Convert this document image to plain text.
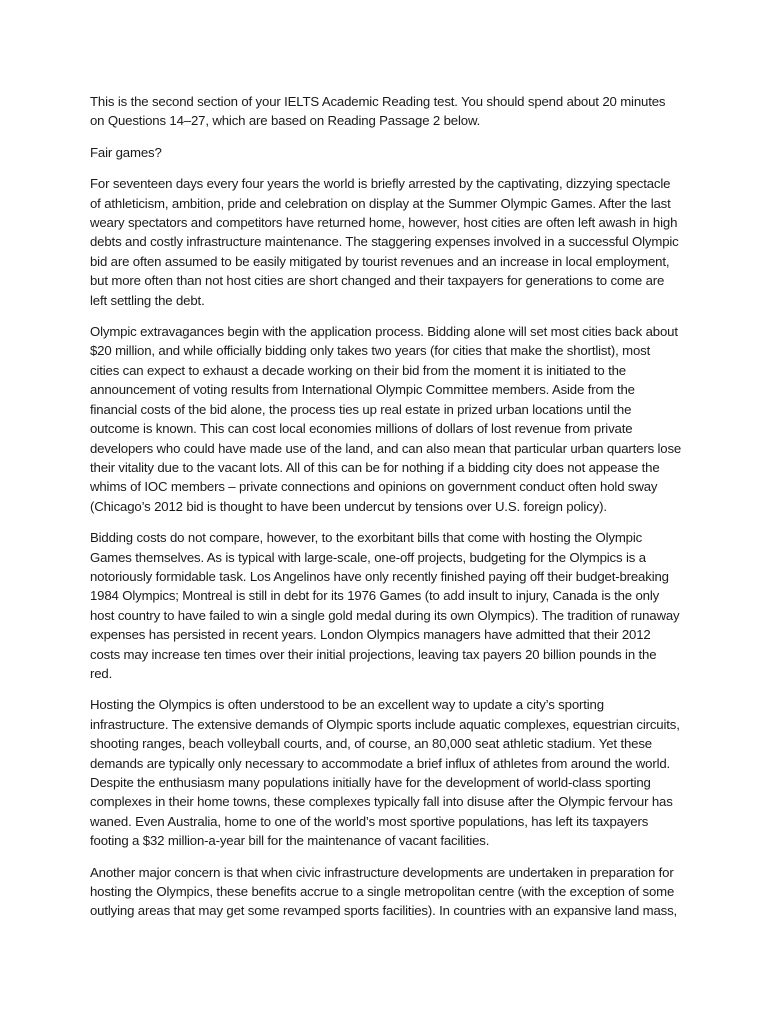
This is the second section of your IELTS Academic Reading test. You should spend about 20 minutes on Questions 14–27, which are based on Reading Passage 2 below.

Fair games?

For seventeen days every four years the world is briefly arrested by the captivating, dizzying spectacle of athleticism, ambition, pride and celebration on display at the Summer Olympic Games. After the last weary spectators and competitors have returned home, however, host cities are often left awash in high debts and costly infrastructure maintenance. The staggering expenses involved in a successful Olympic bid are often assumed to be easily mitigated by tourist revenues and an increase in local employment, but more often than not host cities are short changed and their taxpayers for generations to come are left settling the debt.

Olympic extravagances begin with the application process. Bidding alone will set most cities back about $20 million, and while officially bidding only takes two years (for cities that make the shortlist), most cities can expect to exhaust a decade working on their bid from the moment it is initiated to the announcement of voting results from International Olympic Committee members. Aside from the financial costs of the bid alone, the process ties up real estate in prized urban locations until the outcome is known. This can cost local economies millions of dollars of lost revenue from private developers who could have made use of the land, and can also mean that particular urban quarters lose their vitality due to the vacant lots. All of this can be for nothing if a bidding city does not appease the whims of IOC members – private connections and opinions on government conduct often hold sway (Chicago’s 2012 bid is thought to have been undercut by tensions over U.S. foreign policy).

Bidding costs do not compare, however, to the exorbitant bills that come with hosting the Olympic Games themselves. As is typical with large-scale, one-off projects, budgeting for the Olympics is a notoriously formidable task. Los Angelinos have only recently finished paying off their budget-breaking 1984 Olympics; Montreal is still in debt for its 1976 Games (to add insult to injury, Canada is the only host country to have failed to win a single gold medal during its own Olympics). The tradition of runaway expenses has persisted in recent years. London Olympics managers have admitted that their 2012 costs may increase ten times over their initial projections, leaving tax payers 20 billion pounds in the red.

Hosting the Olympics is often understood to be an excellent way to update a city’s sporting infrastructure. The extensive demands of Olympic sports include aquatic complexes, equestrian circuits, shooting ranges, beach volleyball courts, and, of course, an 80,000 seat athletic stadium. Yet these demands are typically only necessary to accommodate a brief influx of athletes from around the world. Despite the enthusiasm many populations initially have for the development of world-class sporting complexes in their home towns, these complexes typically fall into disuse after the Olympic fervour has waned. Even Australia, home to one of the world’s most sportive populations, has left its taxpayers footing a $32 million-a-year bill for the maintenance of vacant facilities.

Another major concern is that when civic infrastructure developments are undertaken in preparation for hosting the Olympics, these benefits accrue to a single metropolitan centre (with the exception of some outlying areas that may get some revamped sports facilities). In countries with an expansive land mass,
